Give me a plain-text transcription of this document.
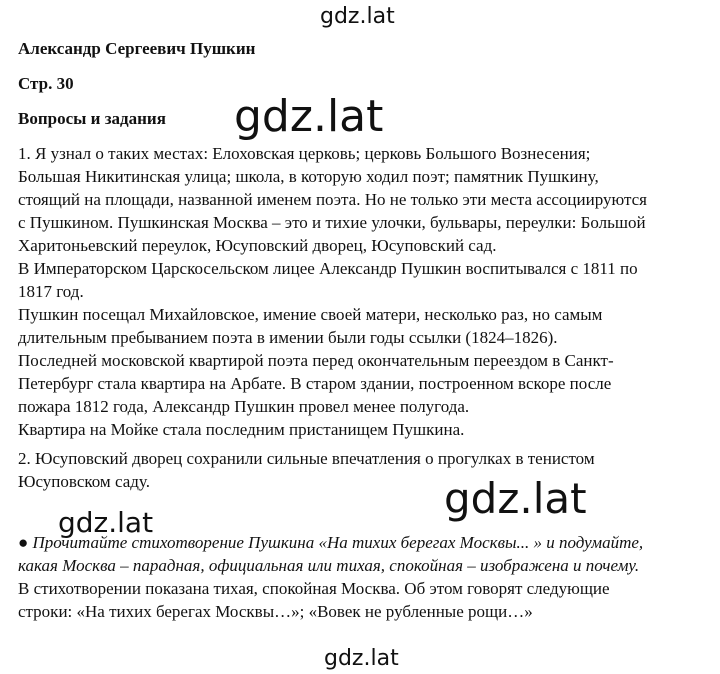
gdz.lat
gdz.lat
gdz.lat
gdz.lat
gdz.lat

Александр Сергеевич Пушкин

Стр. 30

Вопросы и задания

1. Я узнал о таких местах: Елоховская церковь; церковь Большого Вознесения;

Большая Никитинская улица; школа, в которую ходил поэт; памятник Пушкину,

стоящий на площади, названной именем поэта. Но не только эти места ассоциируются

с Пушкином. Пушкинская Москва – это и тихие улочки, бульвары, переулки: Большой

Харитоньевский переулок, Юсуповский дворец, Юсуповский сад.

В Императорском Царскосельском лицее Александр Пушкин воспитывался с 1811 по

1817 год.

Пушкин посещал Михайловское, имение своей матери, несколько раз, но самым

длительным пребыванием поэта в имении были годы ссылки (1824–1826).

Последней московской квартирой поэта перед окончательным переездом в Санкт-

Петербург стала квартира на Арбате. В старом здании, построенном вскоре после

пожара 1812 года, Александр Пушкин провел менее полугода.

Квартира на Мойке стала последним пристанищем Пушкина.

2. Юсуповский дворец сохранили сильные впечатления о прогулках в тенистом

Юсуповском саду.

● Прочитайте стихотворение Пушкина «На тихих берегах Москвы... » и подумайте,

какая Москва – парадная, официальная или тихая, спокойная – изображена и почему.

В стихотворении показана тихая, спокойная Москва. Об этом говорят следующие

строки: «На тихих берегах Москвы…»; «Вовек не рубленные рощи…»
